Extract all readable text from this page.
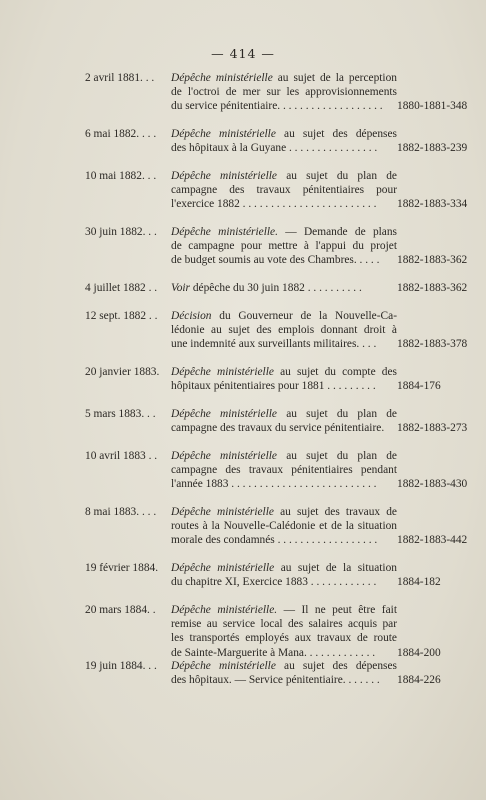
— 414 —
2 avril 1881. . .	Dépêche ministérielle au sujet de la perception
de l'octroi de mer sur les approvisionnements
du service pénitentiaire. . . . . . . . . . . . . . . . . . .	1880-1881-348
6 mai 1882. . . .	Dépêche ministérielle au sujet des dépenses
des hôpitaux à la Guyane . . . . . . . . . . . . . . . .	1882-1883-239
10 mai 1882. . .	Dépêche ministérielle au sujet du plan de
campagne des travaux pénitentiaires pour
l'exercice 1882 . . . . . . . . . . . . . . . . . . . . . . . .	1882-1883-334
30 juin 1882. . .	Dépêche ministérielle. — Demande de plans
de campagne pour mettre à l'appui du projet
de budget soumis au vote des Chambres. . . . .	1882-1883-362
4 juillet 1882 . .	Voir dépêche du 30 juin 1882 . . . . . . . . . .	1882-1883-362
12 sept. 1882 . .	Décision du Gouverneur de la Nouvelle-Ca-
lédonie au sujet des emplois donnant droit à
une indemnité aux surveillants militaires. . . .	1882-1883-378
20 janvier 1883.	Dépêche ministérielle au sujet du compte des
hôpitaux pénitentiaires pour 1881 . . . . . . . . .	1884-176
5 mars 1883. . .	Dépêche ministérielle au sujet du plan de
campagne des travaux du service pénitentiaire.	1882-1883-273
10 avril 1883 . .	Dépêche ministérielle au sujet du plan de
campagne des travaux pénitentiaires pendant
l'année 1883 . . . . . . . . . . . . . . . . . . . . . . . . . .	1882-1883-430
8 mai 1883. . . .	Dépêche ministérielle au sujet des travaux de
routes à la Nouvelle-Calédonie et de la situation
morale des condamnés . . . . . . . . . . . . . . . . . .	1882-1883-442
19 février 1884.	Dépêche ministérielle au sujet de la situation
du chapitre XI, Exercice 1883 . . . . . . . . . . . .	1884-182
20 mars 1884. .	Dépêche ministérielle. — Il ne peut être fait
remise au service local des salaires acquis par
les transportés employés aux travaux de route
de Sainte-Marguerite à Mana. . . . . . . . . . . . .	1884-200
19 juin 1884. . .	Dépêche ministérielle au sujet des dépenses
des hôpitaux. — Service pénitentiaire. . . . . . .	1884-226
